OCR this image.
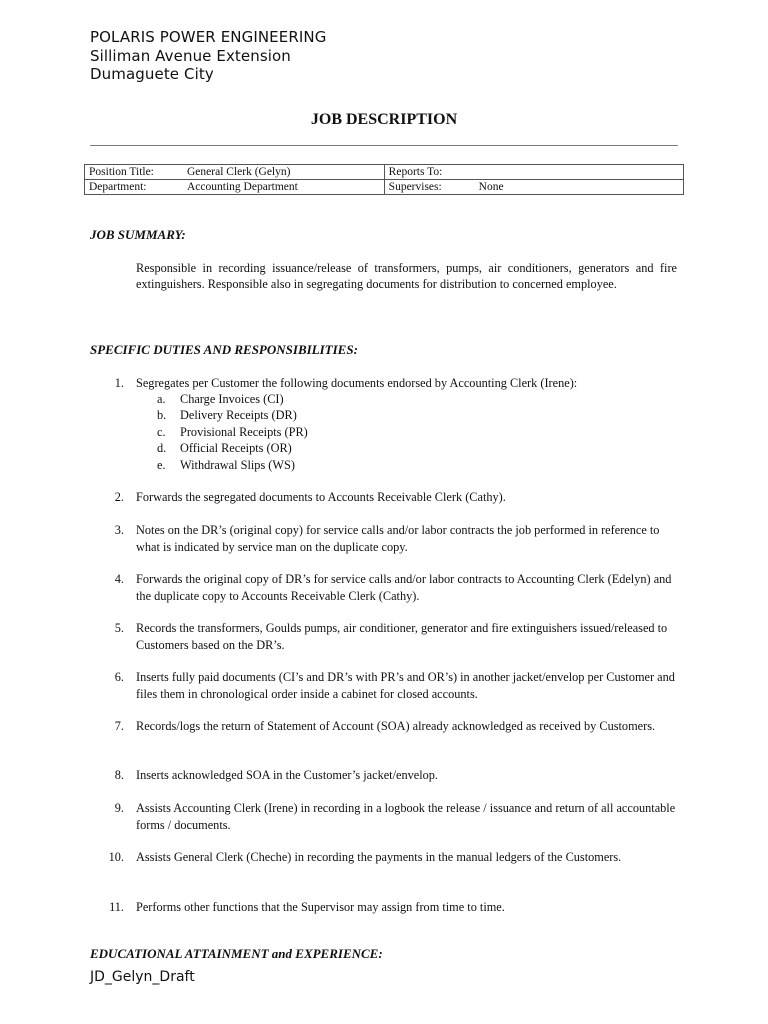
POLARIS POWER ENGINEERING
Silliman Avenue Extension
Dumaguete City
JOB DESCRIPTION
Position Title: General Clerk (Gelyn)	Reports To:
Department: Accounting Department	Supervises: None
JOB SUMMARY:
Responsible in recording issuance/release of transformers, pumps, air conditioners, generators and fire extinguishers. Responsible also in segregating documents for distribution to concerned employee.
SPECIFIC DUTIES AND RESPONSIBILITIES:
1. Segregates per Customer the following documents endorsed by Accounting Clerk (Irene):
a. Charge Invoices (CI)
b. Delivery Receipts (DR)
c. Provisional Receipts (PR)
d. Official Receipts (OR)
e. Withdrawal Slips (WS)
2. Forwards the segregated documents to Accounts Receivable Clerk (Cathy).
3. Notes on the DR’s (original copy) for service calls and/or labor contracts the job performed in reference to what is indicated by service man on the duplicate copy.
4. Forwards the original copy of DR’s for service calls and/or labor contracts to Accounting Clerk (Edelyn) and the duplicate copy to Accounts Receivable Clerk (Cathy).
5. Records the transformers, Goulds pumps, air conditioner, generator and fire extinguishers issued/released to Customers based on the DR’s.
6. Inserts fully paid documents (CI’s and DR’s with PR’s and OR’s) in another jacket/envelop per Customer and files them in chronological order inside a cabinet for closed accounts.
7. Records/logs the return of Statement of Account (SOA) already acknowledged as received by Customers.
8. Inserts acknowledged SOA in the Customer’s jacket/envelop.
9. Assists Accounting Clerk (Irene) in recording in a logbook the release / issuance and return of all accountable forms / documents.
10. Assists General Clerk (Cheche) in recording the payments in the manual ledgers of the Customers.
11. Performs other functions that the Supervisor may assign from time to time.
EDUCATIONAL ATTAINMENT and EXPERIENCE:
JD_Gelyn_Draft
